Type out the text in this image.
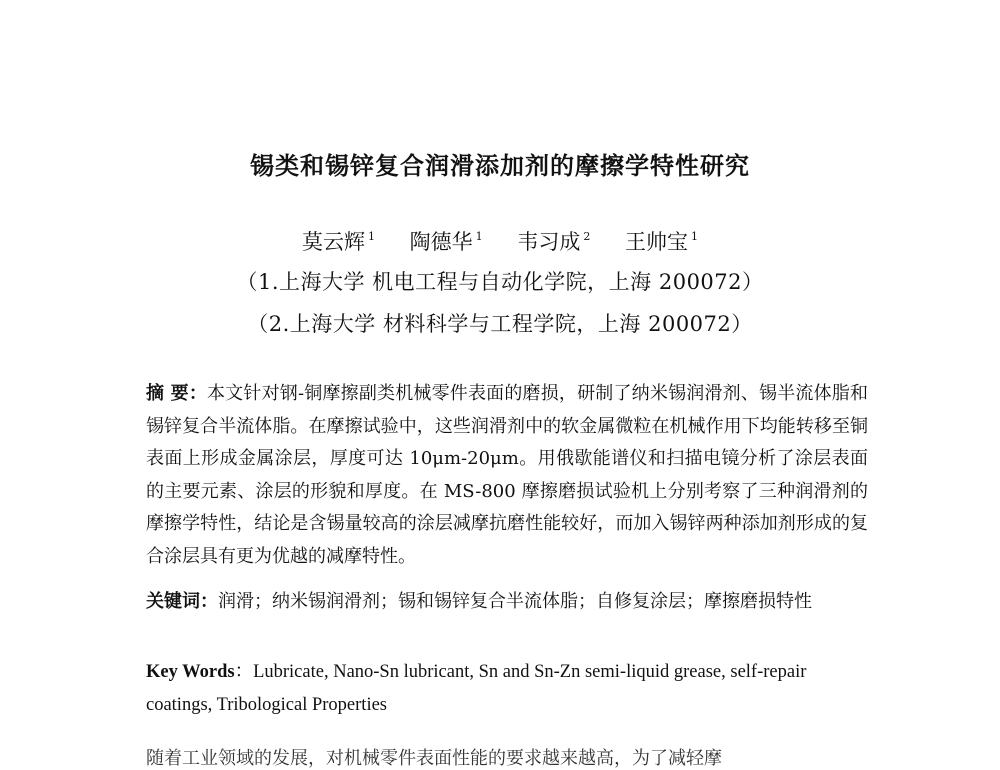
锡类和锡锌复合润滑添加剂的摩擦学特性研究
莫云辉 $^1$ 陶德华 $^1$ 韦习成 $^2$ 王帅宝 $^1$
（1.上海大学 机电工程与自动化学院，上海 200072）
（2.上海大学 材料科学与工程学院，上海 200072）
摘 要：本文针对钢-铜摩擦副类机械零件表面的磨损，研制了纳米锡润滑剂、锡半流体脂和锡锌复合半流体脂。在摩擦试验中，这些润滑剂中的软金属微粒在机械作用下均能转移至铜表面上形成金属涂层，厚度可达 10μm-20μm。用俄歇能谱仪和扫描电镜分析了涂层表面的主要元素、涂层的形貌和厚度。在 MS-800 摩擦磨损试验机上分别考察了三种润滑剂的摩擦学特性，结论是含锡量较高的涂层减摩抗磨性能较好，而加入锡锌两种添加剂形成的复合涂层具有更为优越的减摩特性。
关键词：润滑；纳米锡润滑剂；锡和锡锌复合半流体脂；自修复涂层；摩擦磨损特性
Key Words：Lubricate, Nano-Sn lubricant, Sn and Sn-Zn semi-liquid grease, self-repair coatings, Tribological Properties
随着工业领域的发展，对机械零件表面性能的要求越来越高，为了减轻摩
